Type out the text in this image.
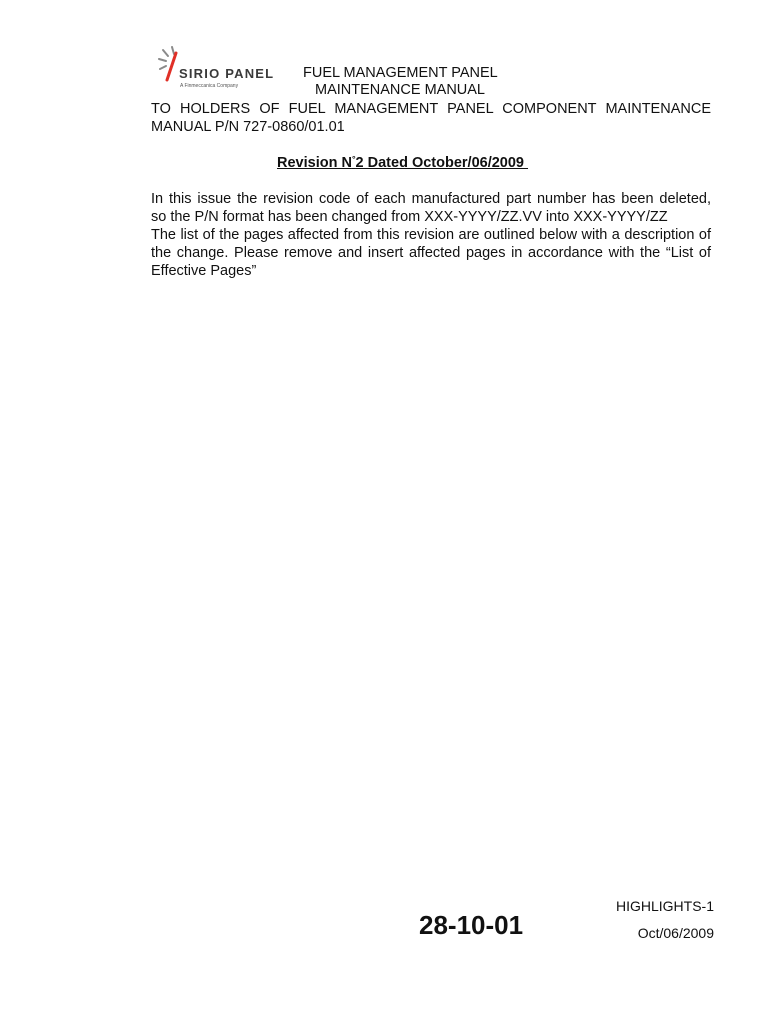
SIRIO PANEL
A Finmeccanica Company
FUEL MANAGEMENT PANEL
MAINTENANCE MANUAL
TO HOLDERS OF FUEL MANAGEMENT PANEL COMPONENT MAINTENANCE MANUAL P/N 727-0860/01.01
Revision N°2 Dated October/06/2009
In this issue the revision code of each manufactured part number has been deleted,
so the P/N format has been changed from XXX-YYYY/ZZ.VV into XXX-YYYY/ZZ
The list of the pages affected from this revision are outlined below with a description of the change. Please remove and insert affected pages in accordance with the “List of Effective Pages”
28-10-01
HIGHLIGHTS-1
Oct/06/2009
